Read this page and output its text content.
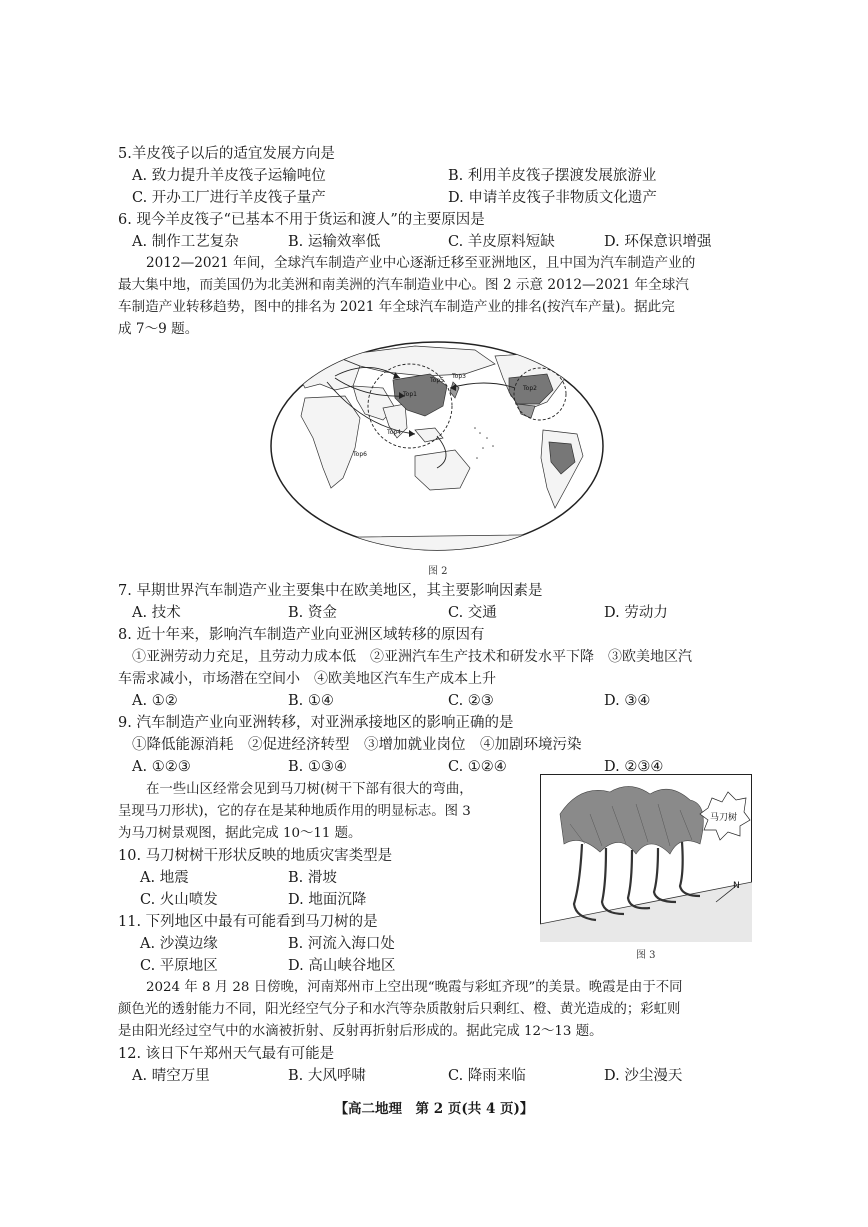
5.羊皮筏子以后的适宜发展方向是
A. 致力提升羊皮筏子运输吨位	B. 利用羊皮筏子摆渡发展旅游业
C. 开办工厂进行羊皮筏子量产	D. 申请羊皮筏子非物质文化遗产
6. 现今羊皮筏子“已基本不用于货运和渡人”的主要原因是
A. 制作工艺复杂	B. 运输效率低	C. 羊皮原料短缺	D. 环保意识增强
2012—2021 年间，全球汽车制造产业中心逐渐迁移至亚洲地区，且中国为汽车制造产业的
最大集中地，而美国仍为北美洲和南美洲的汽车制造业中心。图 2 示意 2012—2021 年全球汽
车制造产业转移趋势，图中的排名为 2021 年全球汽车制造产业的排名(按汽车产量)。据此完
成 7～9 题。
Top1
Top2
Top3
Top4
Top5
Top6
图 2
7. 早期世界汽车制造产业主要集中在欧美地区，其主要影响因素是
A. 技术	B. 资金	C. 交通	D. 劳动力
8. 近十年来，影响汽车制造产业向亚洲区域转移的原因有
①亚洲劳动力充足，且劳动力成本低　②亚洲汽车生产技术和研发水平下降　③欧美地区汽
车需求减小，市场潜在空间小　④欧美地区汽车生产成本上升
A. ①②	B. ①④	C. ②③	D. ③④
9. 汽车制造产业向亚洲转移，对亚洲承接地区的影响正确的是
①降低能源消耗　②促进经济转型　③增加就业岗位　④加剧环境污染
A. ①②③	B. ①③④	C. ①②④	D. ②③④
在一些山区经常会见到马刀树(树干下部有很大的弯曲，
呈现马刀形状)，它的存在是某种地质作用的明显标志。图 3
为马刀树景观图，据此完成 10～11 题。
N
马刀树
图 3
10. 马刀树树干形状反映的地质灾害类型是
A. 地震	B. 滑坡
C. 火山喷发	D. 地面沉降
11. 下列地区中最有可能看到马刀树的是
A. 沙漠边缘	B. 河流入海口处
C. 平原地区	D. 高山峡谷地区
2024 年 8 月 28 日傍晚，河南郑州市上空出现“晚霞与彩虹齐现”的美景。晚霞是由于不同
颜色光的透射能力不同，阳光经空气分子和水汽等杂质散射后只剩红、橙、黄光造成的；彩虹则
是由阳光经过空气中的水滴被折射、反射再折射后形成的。据此完成 12～13 题。
12. 该日下午郑州天气最有可能是
A. 晴空万里	B. 大风呼啸	C. 降雨来临	D. 沙尘漫天
【高二地理　第 2 页(共 4 页)】
